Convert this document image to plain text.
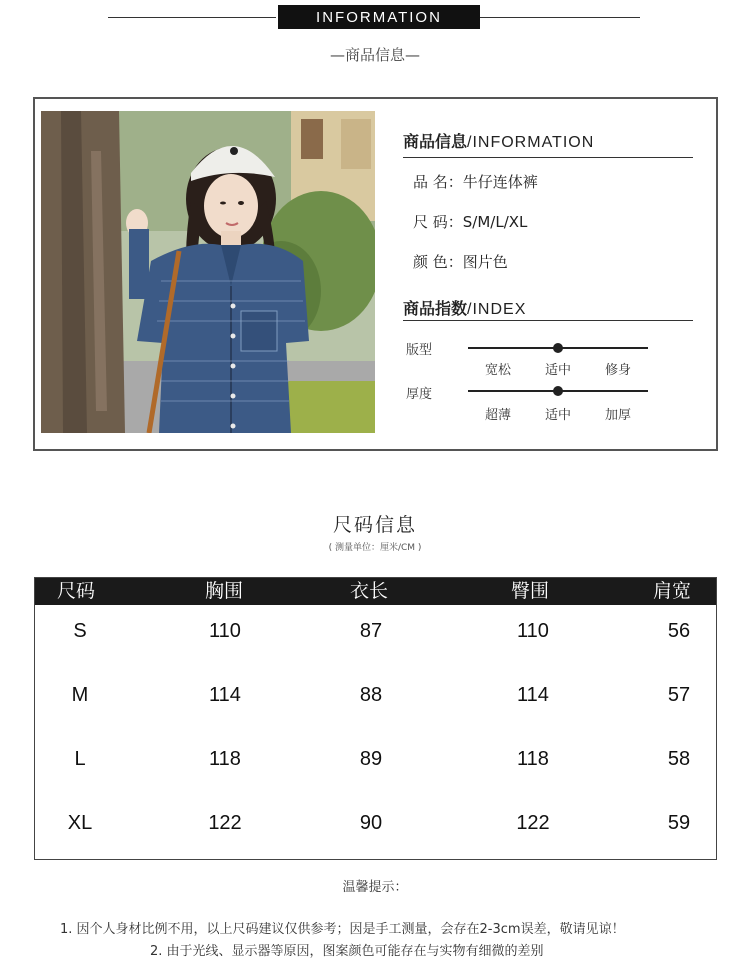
INFORMATION
—商品信息—
商品信息/INFORMATION
品 名：牛仔连体裤
尺 码：S/M/L/XL
颜 色：图片色
商品指数/INDEX
版型
宽松	适中	修身
厚度
超薄	适中	加厚
尺码信息
( 测量单位：厘米/CM )
尺码	胸围	衣长	臀围	肩宽
S	110	87	110	56
M	114	88	114	57
L	118	89	118	58
XL	122	90	122	59
温馨提示：
1. 因个人身材比例不用，以上尺码建议仅供参考；因是手工测量，会存在2-3cm误差，敬请见谅！
2. 由于光线、显示器等原因，图案颜色可能存在与实物有细微的差别
